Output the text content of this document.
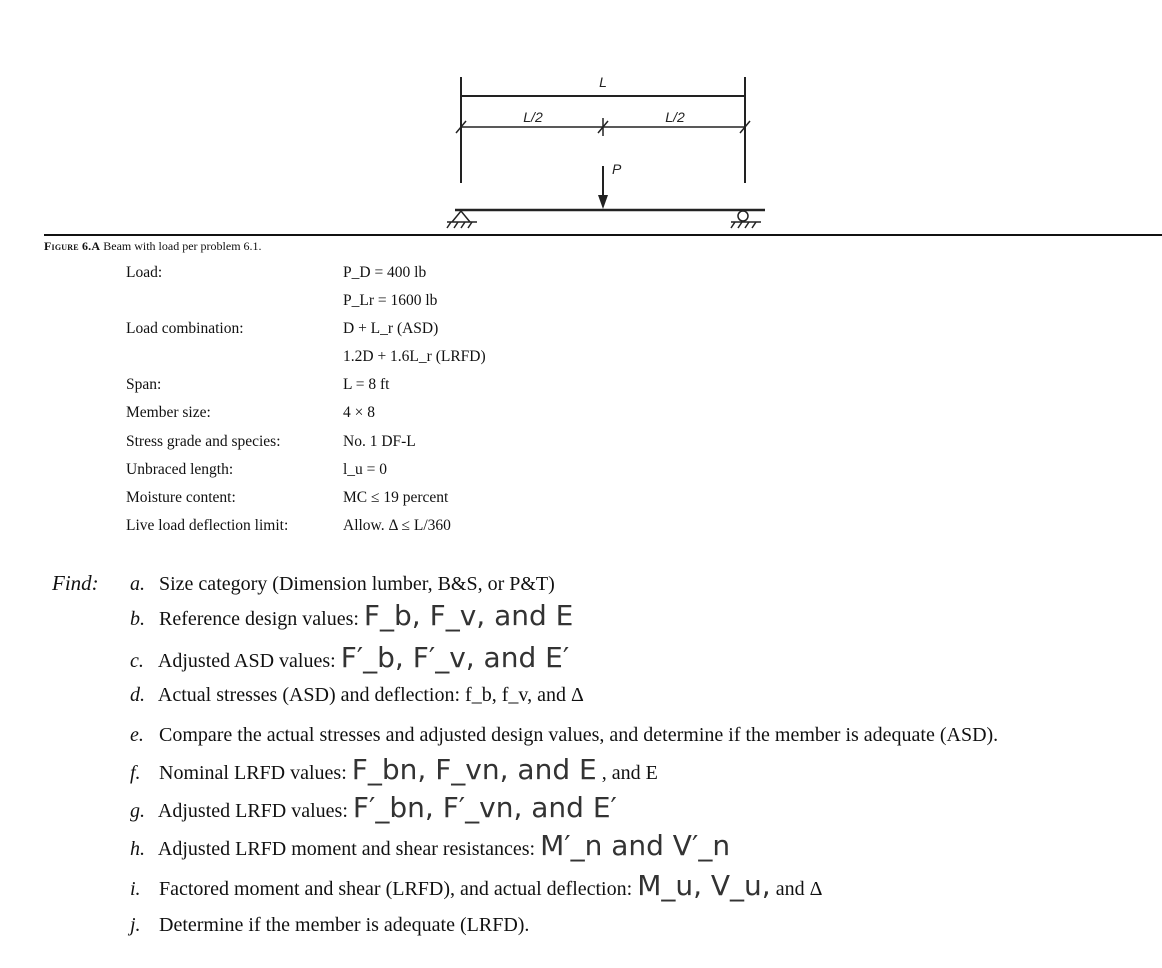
L
L/2	L/2
P
Figure 6.A Beam with load per problem 6.1.
Load:	P_D = 400 lb
P_Lr = 1600 lb
Load combination:	D + L_r (ASD)
1.2D + 1.6L_r (LRFD)
Span:	L = 8 ft
Member size:	4 × 8
Stress grade and species:	No. 1 DF-L
Unbraced length:	l_u = 0
Moisture content:	MC ≤ 19 percent
Live load deflection limit:	Allow. Δ ≤ L/360
Find: a. Size category (Dimension lumber, B&S, or P&T)
b. Reference design values: F_b, F_v, and E
c. Adjusted ASD values: F′_b, F′_v, and E′
d. Actual stresses (ASD) and deflection: f_b, f_v, and Δ
e. Compare the actual stresses and adjusted design values, and determine if the member is adequate (ASD).
f. Nominal LRFD values: F_bn, F_vn, and E , and E
g. Adjusted LRFD values: F′_bn, F′_vn, and E′
h. Adjusted LRFD moment and shear resistances: M′_n and V′_n
i. Factored moment and shear (LRFD), and actual deflection: M_u, V_u, and Δ
j. Determine if the member is adequate (LRFD).
